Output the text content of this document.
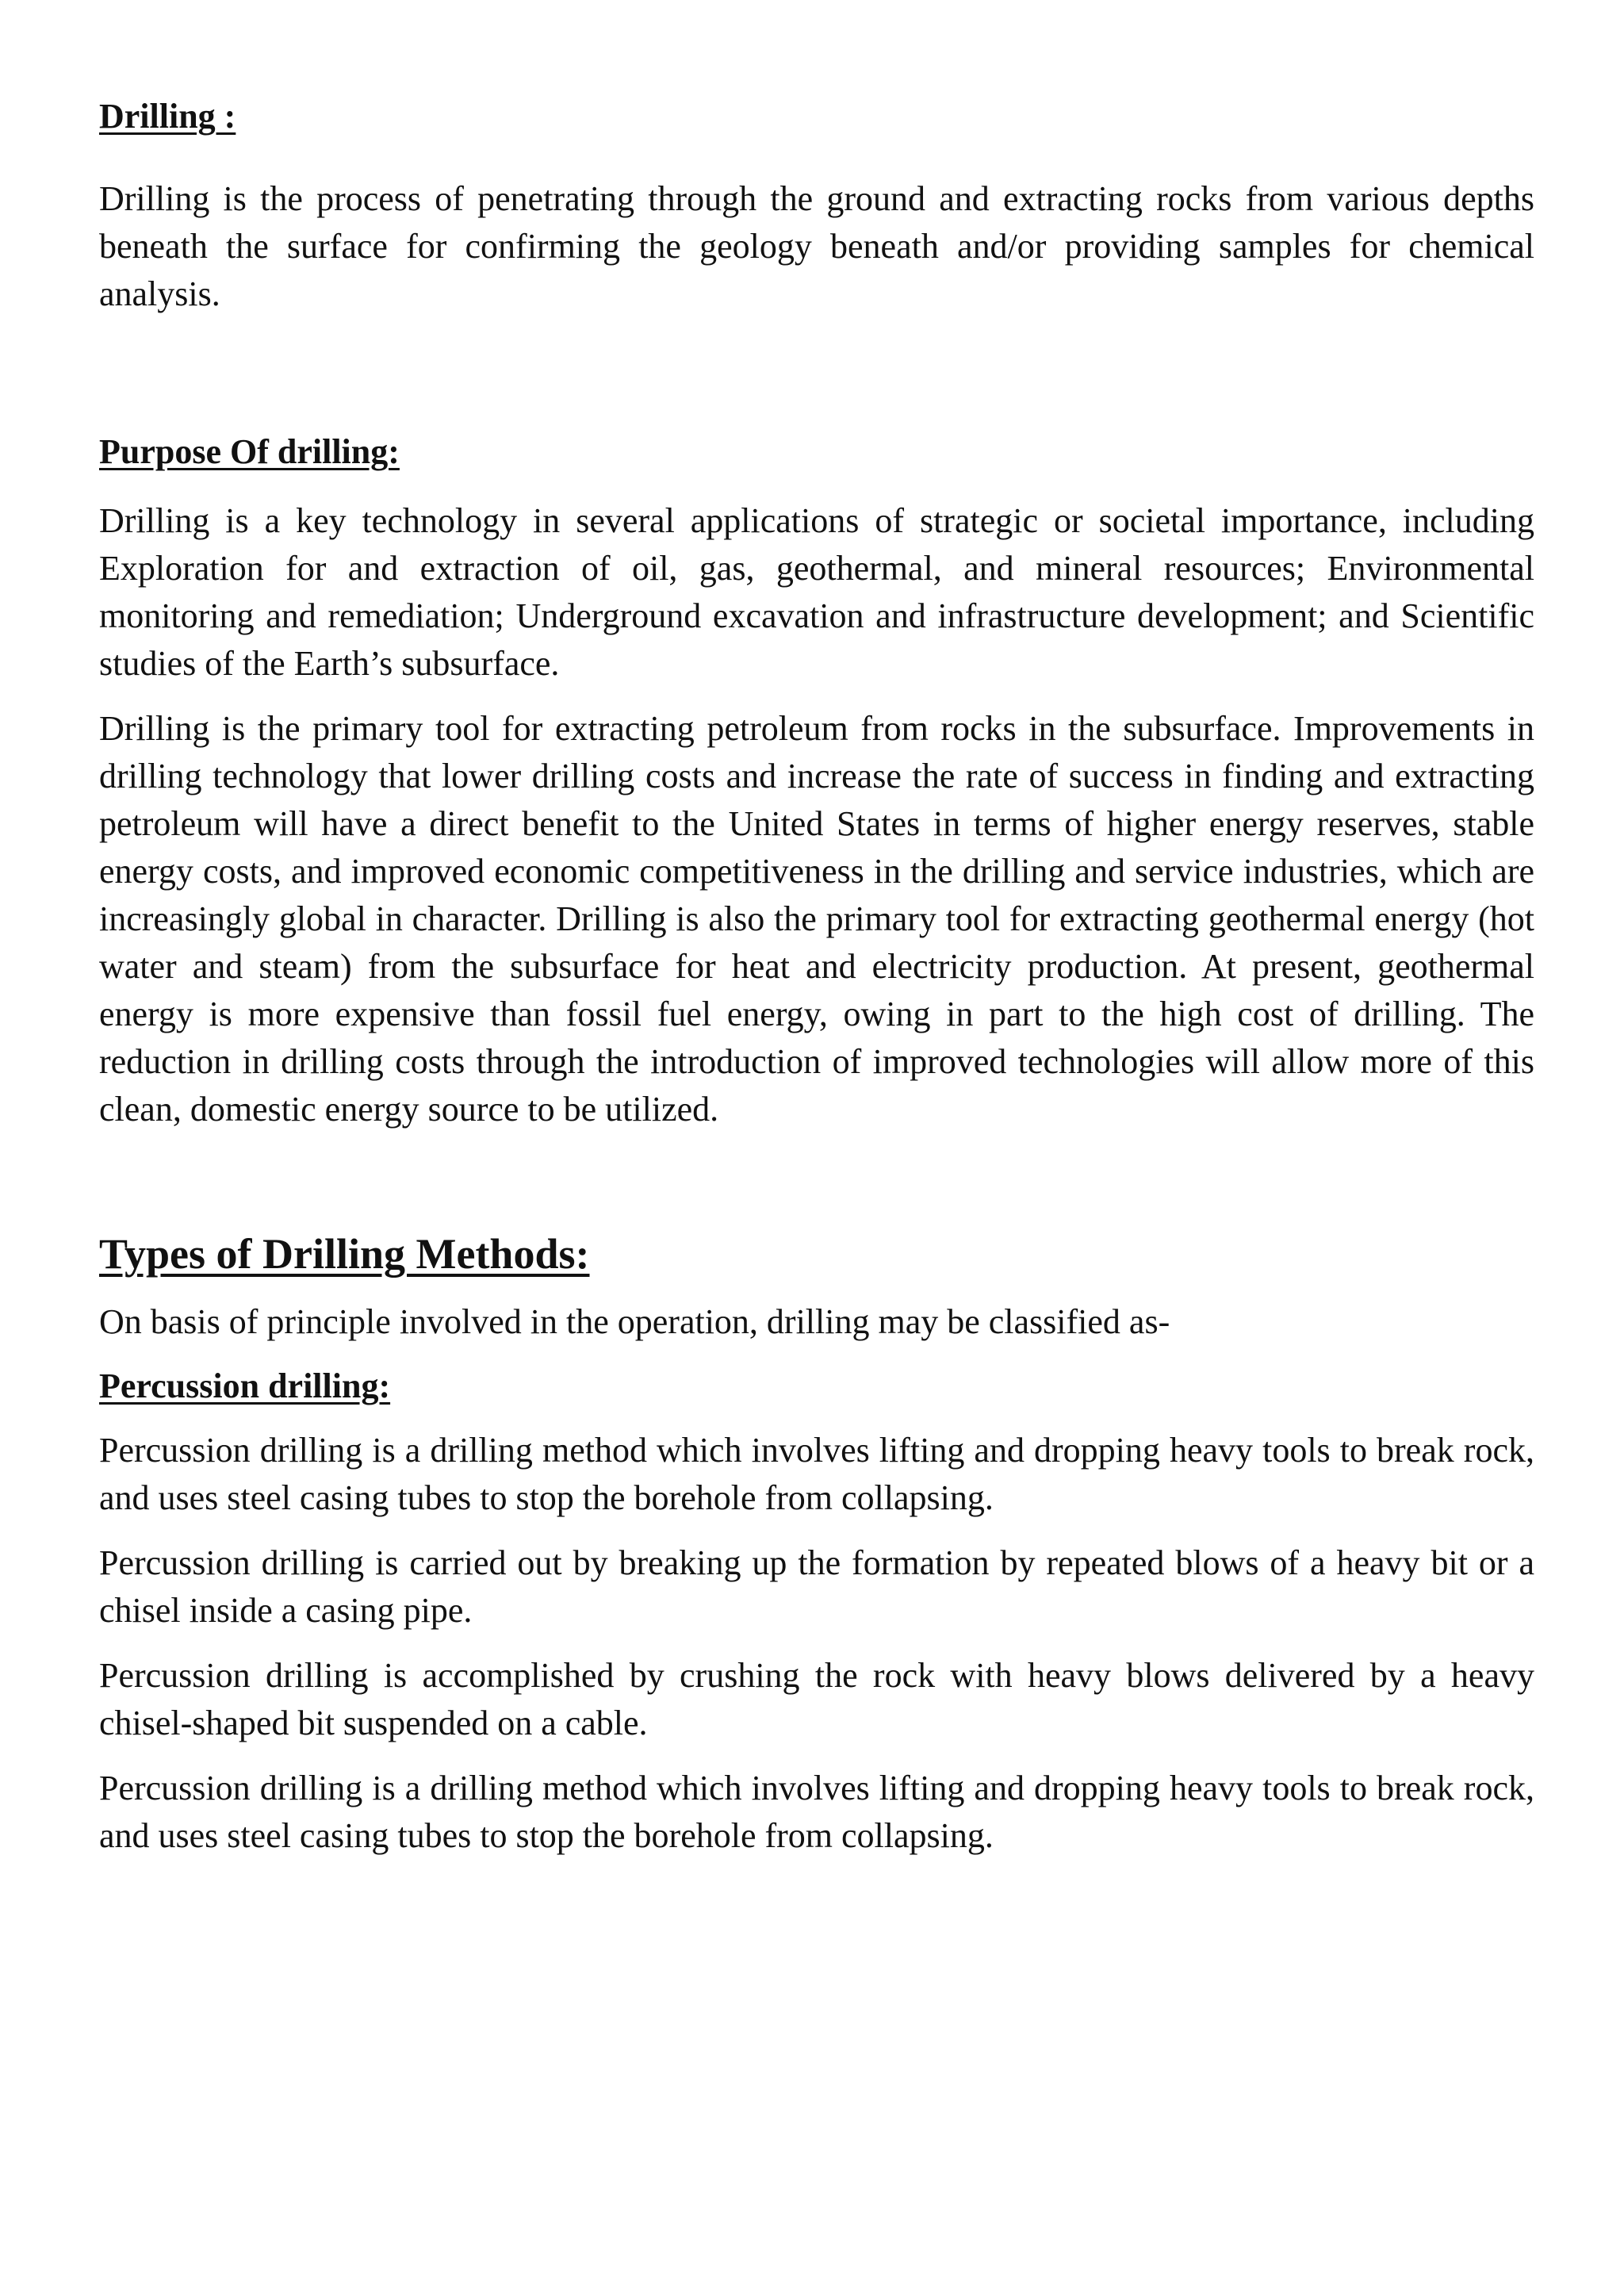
Drilling :

Drilling is the process of penetrating through the ground and extracting rocks from various depths beneath the surface for confirming the geology beneath and/or providing samples for chemical analysis.

Purpose Of drilling:

Drilling is a key technology in several applications of strategic or societal importance, including Exploration for and extraction of oil, gas, geothermal, and mineral resources; Environmental monitoring and remediation; Underground excavation and infrastructure development; and Scientific studies of the Earth’s subsurface.

Drilling is the primary tool for extracting petroleum from rocks in the subsurface. Improvements in drilling technology that lower drilling costs and increase the rate of success in finding and extracting petroleum will have a direct benefit to the United States in terms of higher energy reserves, stable energy costs, and improved economic competitiveness in the drilling and service industries, which are increasingly global in character. Drilling is also the primary tool for extracting geothermal energy (hot water and steam) from the subsurface for heat and electricity production. At present, geothermal energy is more expensive than fossil fuel energy, owing in part to the high cost of drilling. The reduction in drilling costs through the introduction of improved technologies will allow more of this clean, domestic energy source to be utilized.

Types of Drilling Methods:

On basis of principle involved in the operation, drilling may be classified as-

Percussion drilling:

Percussion drilling is a drilling method which involves lifting and dropping heavy tools to break rock, and uses steel casing tubes to stop the borehole from collapsing.

Percussion drilling is carried out by breaking up the formation by repeated blows of a heavy bit or a chisel inside a casing pipe.

Percussion drilling is accomplished by crushing the rock with heavy blows delivered by a heavy chisel-shaped bit suspended on a cable.

Percussion drilling is a drilling method which involves lifting and dropping heavy tools to break rock, and uses steel casing tubes to stop the borehole from collapsing.
